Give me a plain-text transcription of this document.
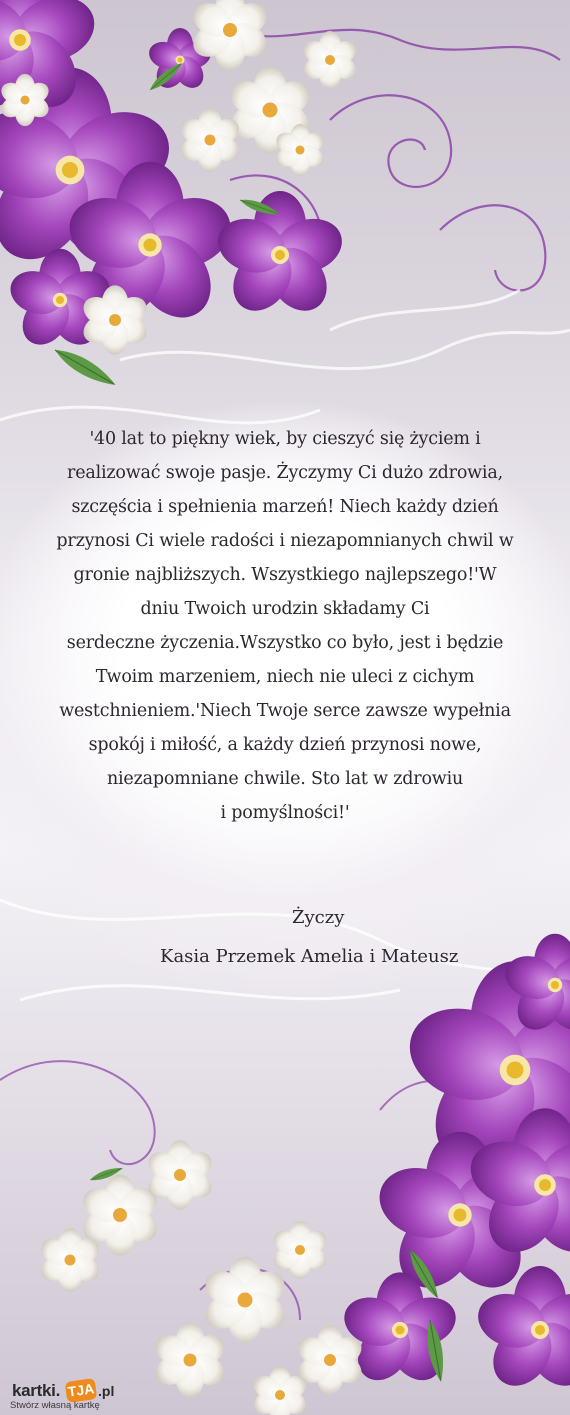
'40 lat to piękny wiek, by cieszyć się życiem i
realizować swoje pasje. Życzymy Ci dużo zdrowia,
szczęścia i spełnienia marzeń! Niech każdy dzień
przynosi Ci wiele radości i niezapomnianych chwil w
gronie najbliższych. Wszystkiego najlepszego!'W
dniu Twoich urodzin składamy Ci
serdeczne życzenia.Wszystko co było, jest i będzie
Twoim marzeniem, niech nie uleci z cichym
westchnieniem.'Niech Twoje serce zawsze wypełnia
spokój i miłość, a każdy dzień przynosi nowe,
niezapomniane chwile. Sto lat w zdrowiu
i pomyślności!'

Życzy

Kasia Przemek Amelia i Mateusz

kartki. TJA .pl
Stwórz własną kartkę
